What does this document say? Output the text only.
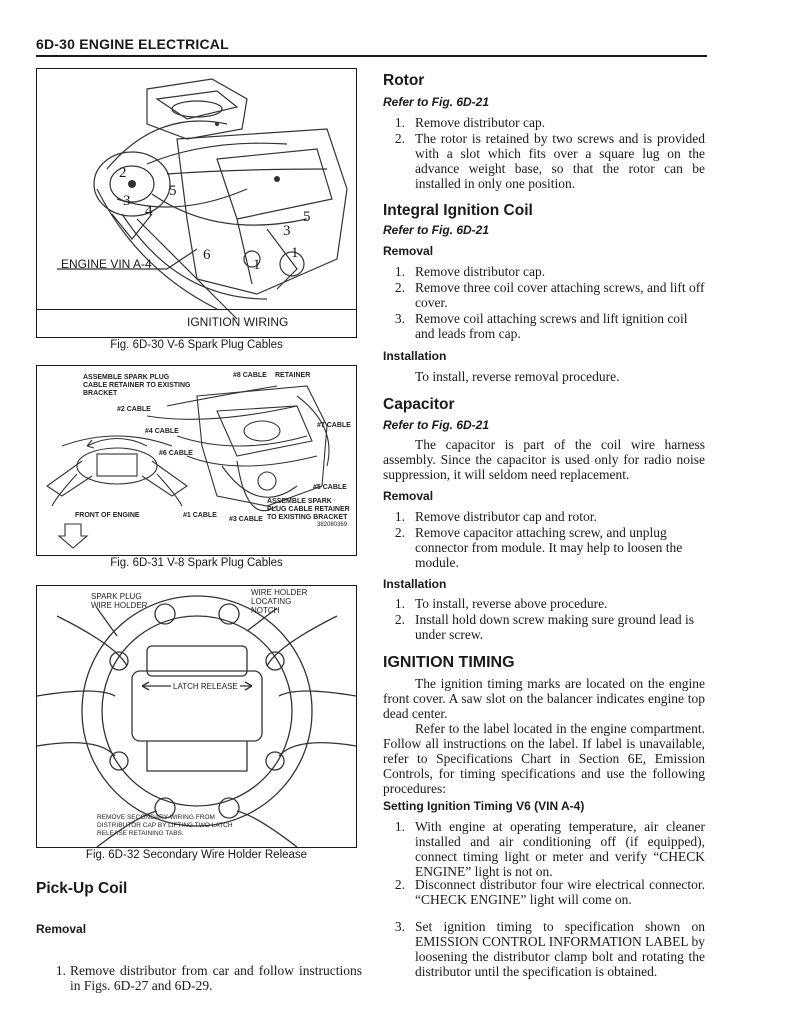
6D-30 ENGINE ELECTRICAL
2
5
3
4
1
5
3
1
6
ENGINE VIN A-4
IGNITION WIRING
Fig. 6D-30 V-6 Spark Plug Cables
ASSEMBLE SPARK PLUG CABLE RETAINER TO EXISTING BRACKET
#8 CABLE RETAINER
#2 CABLE
#7 CABLE
#4 CABLE
#6 CABLE
#5 CABLE
ASSEMBLE SPARK PLUG CABLE RETAINER TO EXISTING BRACKET
FRONT OF ENGINE	#1 CABLE
#3 CABLE
382080369
Fig. 6D-31 V-8 Spark Plug Cables
SPARK PLUG WIRE HOLDER
WIRE HOLDER LOCATING NOTCH
LATCH RELEASE
REMOVE SECONDARY WIRING FROM DISTRIBUTOR CAP BY LIFTING TWO LATCH RELEASE RETAINING TABS.
Fig. 6D-32 Secondary Wire Holder Release
Pick-Up Coil
Removal
1. Remove distributor from car and follow instructions in Figs. 6D-27 and 6D-29.
Rotor
Refer to Fig. 6D-21
1. Remove distributor cap.
2. The rotor is retained by two screws and is provided with a slot which fits over a square lug on the advance weight base, so that the rotor can be installed in only one position.
Integral Ignition Coil
Refer to Fig. 6D-21
Removal
1. Remove distributor cap.
2. Remove three coil cover attaching screws, and lift off cover.
3. Remove coil attaching screws and lift ignition coil and leads from cap.
Installation
To install, reverse removal procedure.
Capacitor
Refer to Fig. 6D-21
The capacitor is part of the coil wire harness assembly. Since the capacitor is used only for radio noise suppression, it will seldom need replacement.
Removal
1. Remove distributor cap and rotor.
2. Remove capacitor attaching screw, and unplug connector from module. It may help to loosen the module.
Installation
1. To install, reverse above procedure.
2. Install hold down screw making sure ground lead is under screw.
IGNITION TIMING
The ignition timing marks are located on the engine front cover. A saw slot on the balancer indicates engine top dead center.
Refer to the label located in the engine compartment. Follow all instructions on the label. If label is unavailable, refer to Specifications Chart in Section 6E, Emission Controls, for timing specifications and use the following procedures:
Setting Ignition Timing V6 (VIN A-4)
1. With engine at operating temperature, air cleaner installed and air conditioning off (if equipped), connect timing light or meter and verify “CHECK ENGINE” light is not on.
2. Disconnect distributor four wire electrical connector. “CHECK ENGINE” light will come on.
3. Set ignition timing to specification shown on EMISSION CONTROL INFORMATION LABEL by loosening the distributor clamp bolt and rotating the distributor until the specification is obtained.
